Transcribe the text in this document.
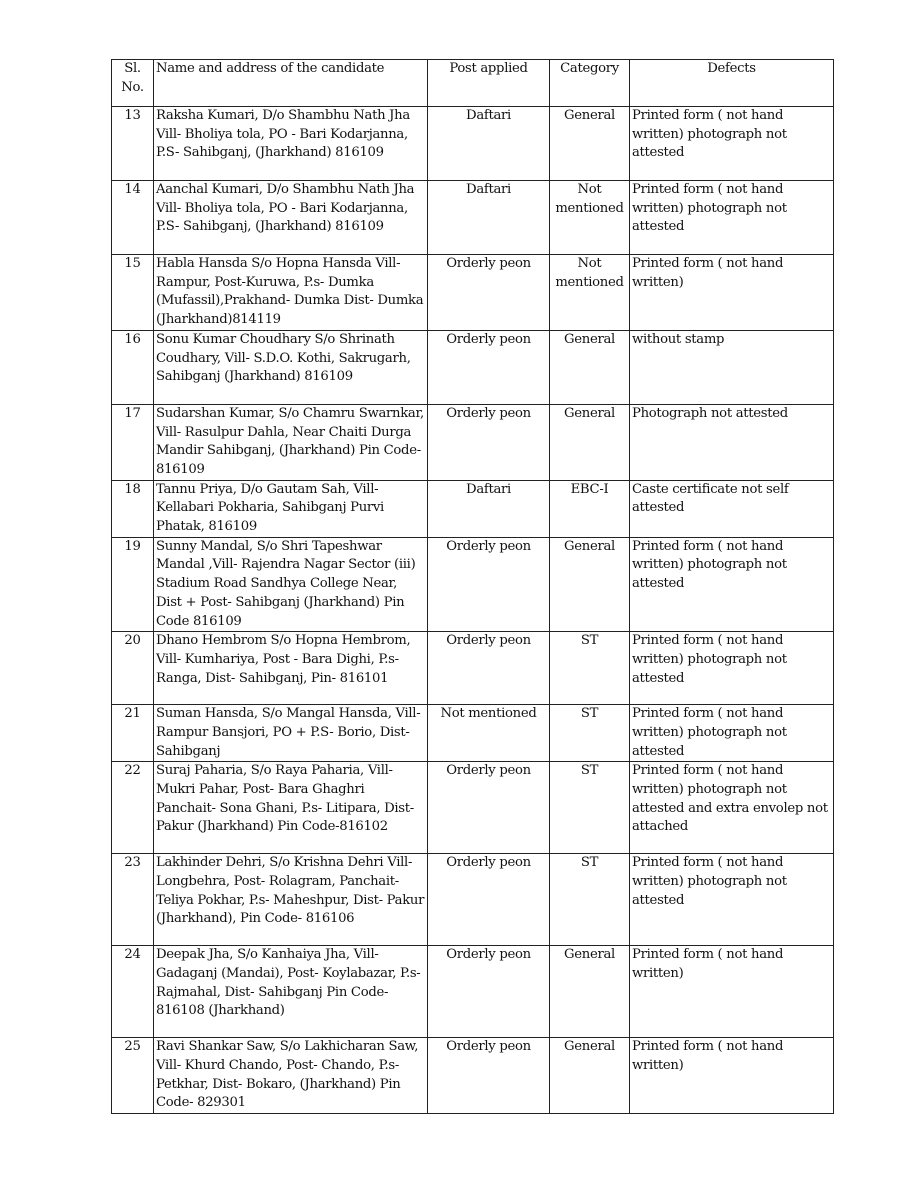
Sl. No.	Name and address of the candidate	Post applied	Category	Defects
13	Raksha Kumari, D/o Shambhu Nath Jha Vill- Bholiya tola, PO - Bari Kodarjanna, P.S- Sahibganj, (Jharkhand) 816109	Daftari	General	Printed form ( not hand written) photograph not attested
14	Aanchal Kumari, D/o Shambhu Nath Jha Vill- Bholiya tola, PO - Bari Kodarjanna, P.S- Sahibganj, (Jharkhand) 816109	Daftari	Not mentioned	Printed form ( not hand written) photograph not attested
15	Habla Hansda S/o Hopna Hansda Vill- Rampur, Post-Kuruwa, P.s- Dumka (Mufassil),Prakhand- Dumka Dist- Dumka (Jharkhand)814119	Orderly peon	Not mentioned	Printed form ( not hand written)
16	Sonu Kumar Choudhary S/o Shrinath Coudhary, Vill- S.D.O. Kothi, Sakrugarh, Sahibganj (Jharkhand) 816109	Orderly peon	General	without stamp
17	Sudarshan Kumar, S/o Chamru Swarnkar, Vill- Rasulpur Dahla, Near Chaiti Durga Mandir Sahibganj, (Jharkhand) Pin Code- 816109	Orderly peon	General	Photograph not attested
18	Tannu Priya, D/o Gautam Sah, Vill- Kellabari Pokharia, Sahibganj Purvi Phatak, 816109	Daftari	EBC-I	Caste certificate not self attested
19	Sunny Mandal, S/o Shri Tapeshwar Mandal ,Vill- Rajendra Nagar Sector (iii) Stadium Road Sandhya College Near, Dist + Post- Sahibganj (Jharkhand) Pin Code 816109	Orderly peon	General	Printed form ( not hand written) photograph not attested
20	Dhano Hembrom S/o Hopna Hembrom, Vill- Kumhariya, Post - Bara Dighi, P.s- Ranga, Dist- Sahibganj, Pin- 816101	Orderly peon	ST	Printed form ( not hand written) photograph not attested
21	Suman Hansda, S/o Mangal Hansda, Vill- Rampur Bansjori, PO + P.S- Borio, Dist- Sahibganj	Not mentioned	ST	Printed form ( not hand written) photograph not attested
22	Suraj Paharia, S/o Raya Paharia, Vill- Mukri Pahar, Post- Bara Ghaghri Panchait- Sona Ghani, P.s- Litipara, Dist-Pakur (Jharkhand) Pin Code-816102	Orderly peon	ST	Printed form ( not hand written) photograph not attested and extra envolep not attached
23	Lakhinder Dehri, S/o Krishna Dehri Vill- Longbehra, Post- Rolagram, Panchait- Teliya Pokhar, P.s- Maheshpur, Dist- Pakur (Jharkhand), Pin Code- 816106	Orderly peon	ST	Printed form ( not hand written) photograph not attested
24	Deepak Jha, S/o Kanhaiya Jha, Vill- Gadaganj (Mandai), Post- Koylabazar, P.s- Rajmahal, Dist- Sahibganj Pin Code- 816108 (Jharkhand)	Orderly peon	General	Printed form ( not hand written)
25	Ravi Shankar Saw, S/o Lakhicharan Saw, Vill- Khurd Chando, Post- Chando, P.s- Petkhar, Dist- Bokaro, (Jharkhand) Pin Code- 829301	Orderly peon	General	Printed form ( not hand written)
